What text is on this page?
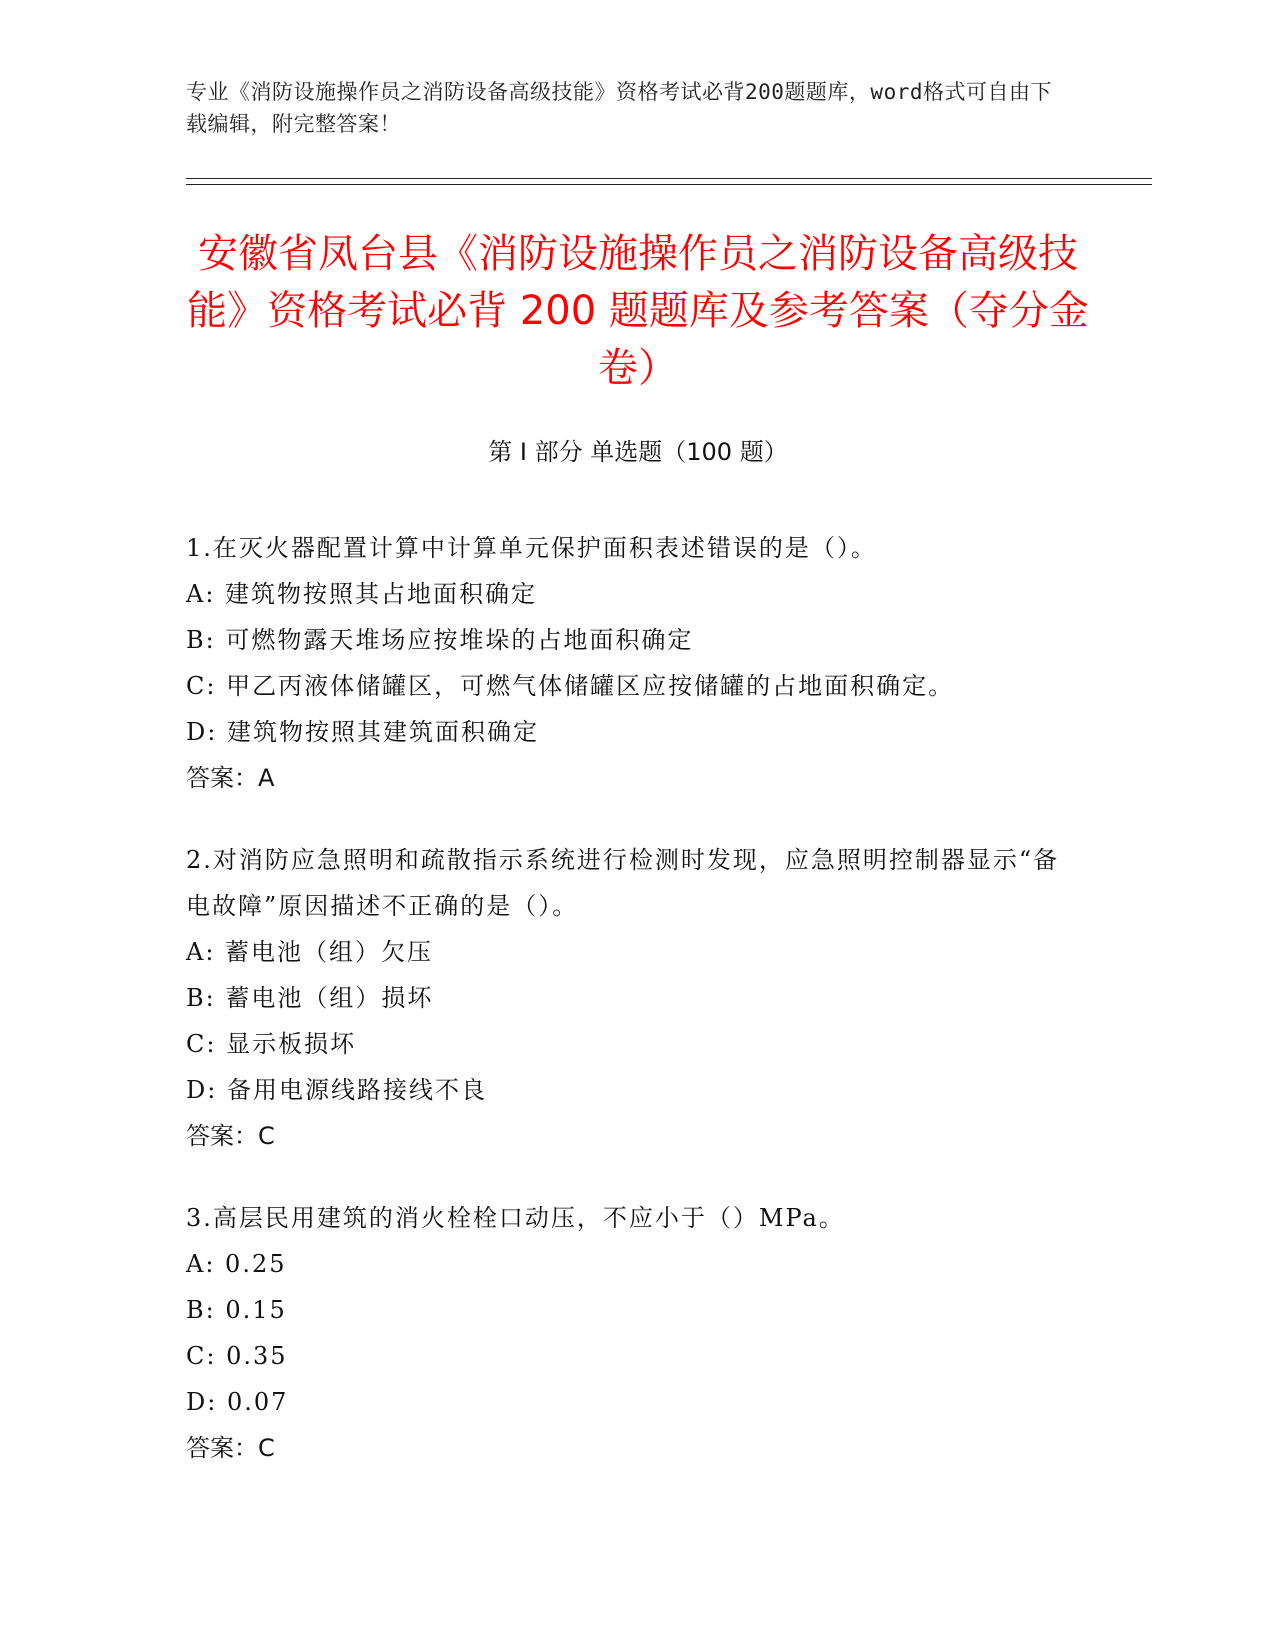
专业《消防设施操作员之消防设备高级技能》资格考试必背200题题库，word格式可自由下载编辑，附完整答案！
安徽省凤台县《消防设施操作员之消防设备高级技能》资格考试必背 200 题题库及参考答案（夺分金卷）
第 I 部分 单选题（100 题）
1.在灭火器配置计算中计算单元保护面积表述错误的是（）。
A: 建筑物按照其占地面积确定
B: 可燃物露天堆场应按堆垛的占地面积确定
C: 甲乙丙液体储罐区，可燃气体储罐区应按储罐的占地面积确定。
D: 建筑物按照其建筑面积确定
答案：A
2.对消防应急照明和疏散指示系统进行检测时发现，应急照明控制器显示“备电故障”原因描述不正确的是（）。
A: 蓄电池（组）欠压
B: 蓄电池（组）损坏
C: 显示板损坏
D: 备用电源线路接线不良
答案：C
3.高层民用建筑的消火栓栓口动压，不应小于（）MPa。
A: 0.25
B: 0.15
C: 0.35
D: 0.07
答案：C
